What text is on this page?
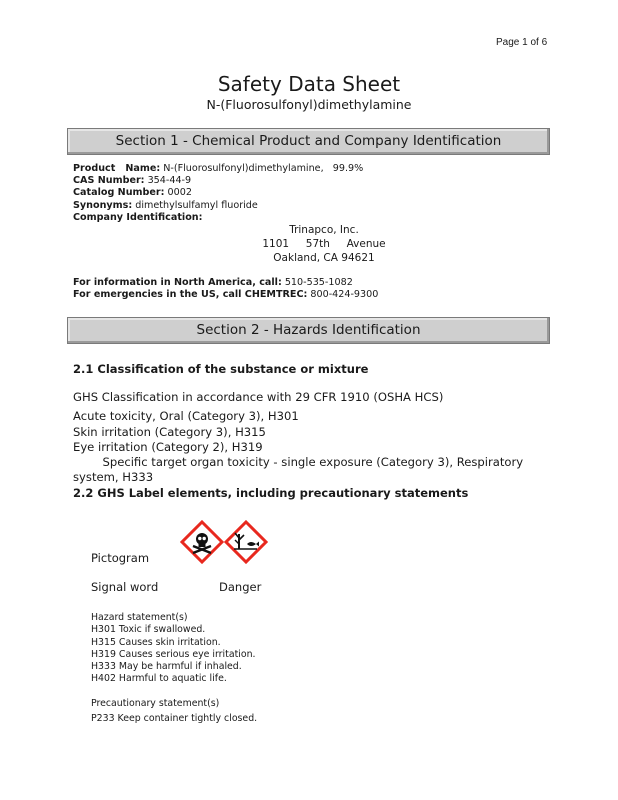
Page 1 of 6
Safety Data Sheet
N-(Fluorosulfonyl)dimethylamine
Section 1 - Chemical Product and Company Identification
Product   Name: N-(Fluorosulfonyl)dimethylamine,   99.9%
CAS Number: 354-44-9
Catalog Number: 0002
Synonyms: dimethylsulfamyl fluoride
Company Identification:
Trinapco, Inc.
1101     57th     Avenue
Oakland, CA 94621
For information in North America, call: 510-535-1082
For emergencies in the US, call CHEMTREC: 800-424-9300
Section 2 - Hazards Identification
2.1 Classification of the substance or mixture
GHS Classification in accordance with 29 CFR 1910 (OSHA HCS)
Acute toxicity, Oral (Category 3), H301
Skin irritation (Category 3), H315
Eye irritation (Category 2), H319
Specific target organ toxicity - single exposure (Category 3), Respiratory system, H333
2.2 GHS Label elements, including precautionary statements
Pictogram
Signal word	Danger
Hazard statement(s)
H301 Toxic if swallowed.
H315 Causes skin irritation.
H319 Causes serious eye irritation.
H333 May be harmful if inhaled.
H402 Harmful to aquatic life.
Precautionary statement(s)
P233 Keep container tightly closed.
